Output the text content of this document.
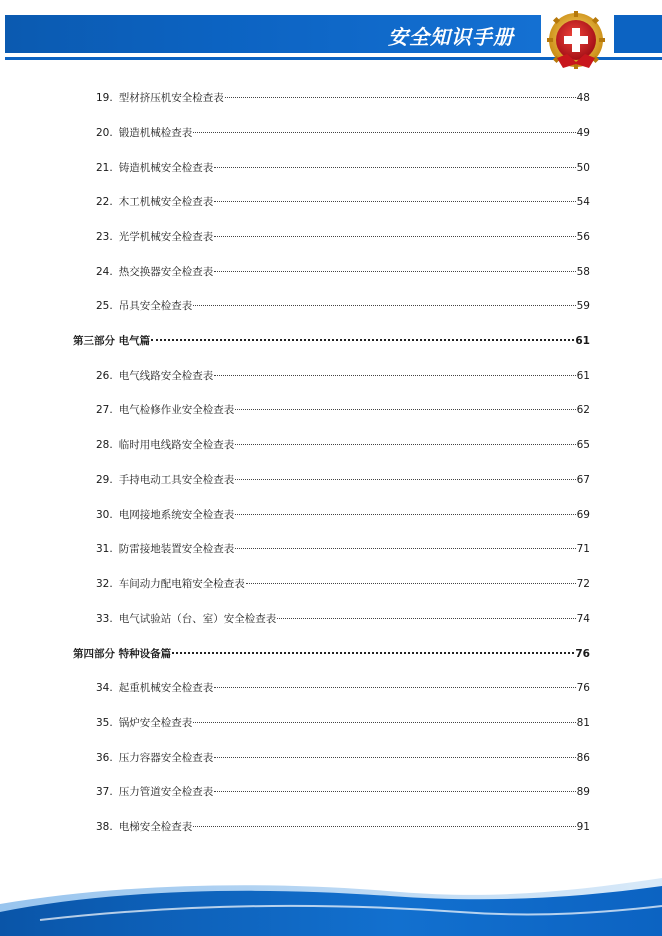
安全知识手册
19. 型材挤压机安全检查表	48
20. 锻造机械检查表	49
21. 铸造机械安全检查表	50
22. 木工机械安全检查表	54
23. 光学机械安全检查表	56
24. 热交换器安全检查表	58
25. 吊具安全检查表	59
第三部分 电气篇	61
26. 电气线路安全检查表	61
27. 电气检修作业安全检查表	62
28. 临时用电线路安全检查表	65
29. 手持电动工具安全检查表	67
30. 电网接地系统安全检查表	69
31. 防雷接地装置安全检查表	71
32. 车间动力配电箱安全检查表	72
33. 电气试验站（台、室）安全检查表	74
第四部分 特种设备篇	76
34. 起重机械安全检查表	76
35. 锅炉安全检查表	81
36. 压力容器安全检查表	86
37. 压力管道安全检查表	89
38. 电梯安全检查表	91
